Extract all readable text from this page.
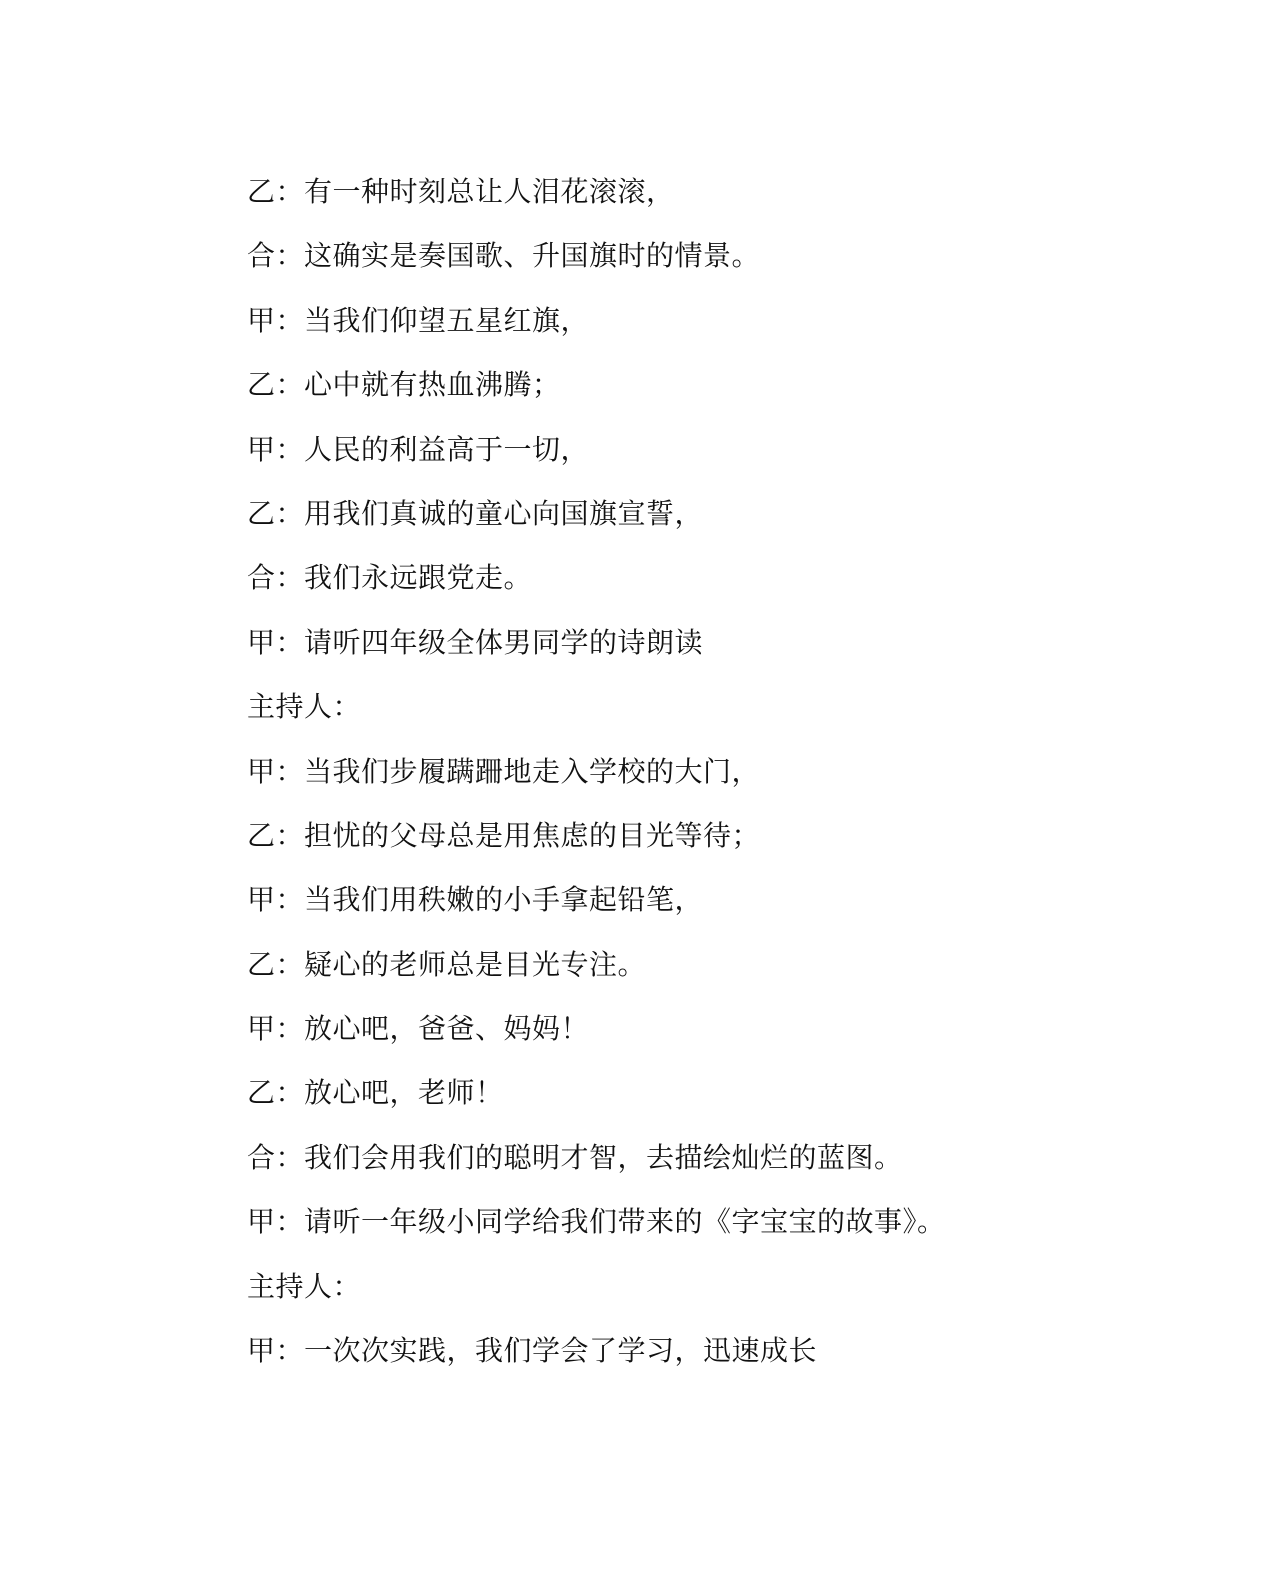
乙：有一种时刻总让人泪花滚滚，
合：这确实是奏国歌、升国旗时的情景。
甲：当我们仰望五星红旗，
乙：心中就有热血沸腾；
甲：人民的利益高于一切，
乙：用我们真诚的童心向国旗宣誓，
合：我们永远跟党走。
甲：请听四年级全体男同学的诗朗读
主持人：
甲：当我们步履蹒跚地走入学校的大门，
乙：担忧的父母总是用焦虑的目光等待；
甲：当我们用秩嫩的小手拿起铅笔，
乙：疑心的老师总是目光专注。
甲：放心吧，爸爸、妈妈！
乙：放心吧，老师！
合：我们会用我们的聪明才智，去描绘灿烂的蓝图。
甲：请听一年级小同学给我们带来的《字宝宝的故事》。
主持人：
甲：一次次实践，我们学会了学习，迅速成长
